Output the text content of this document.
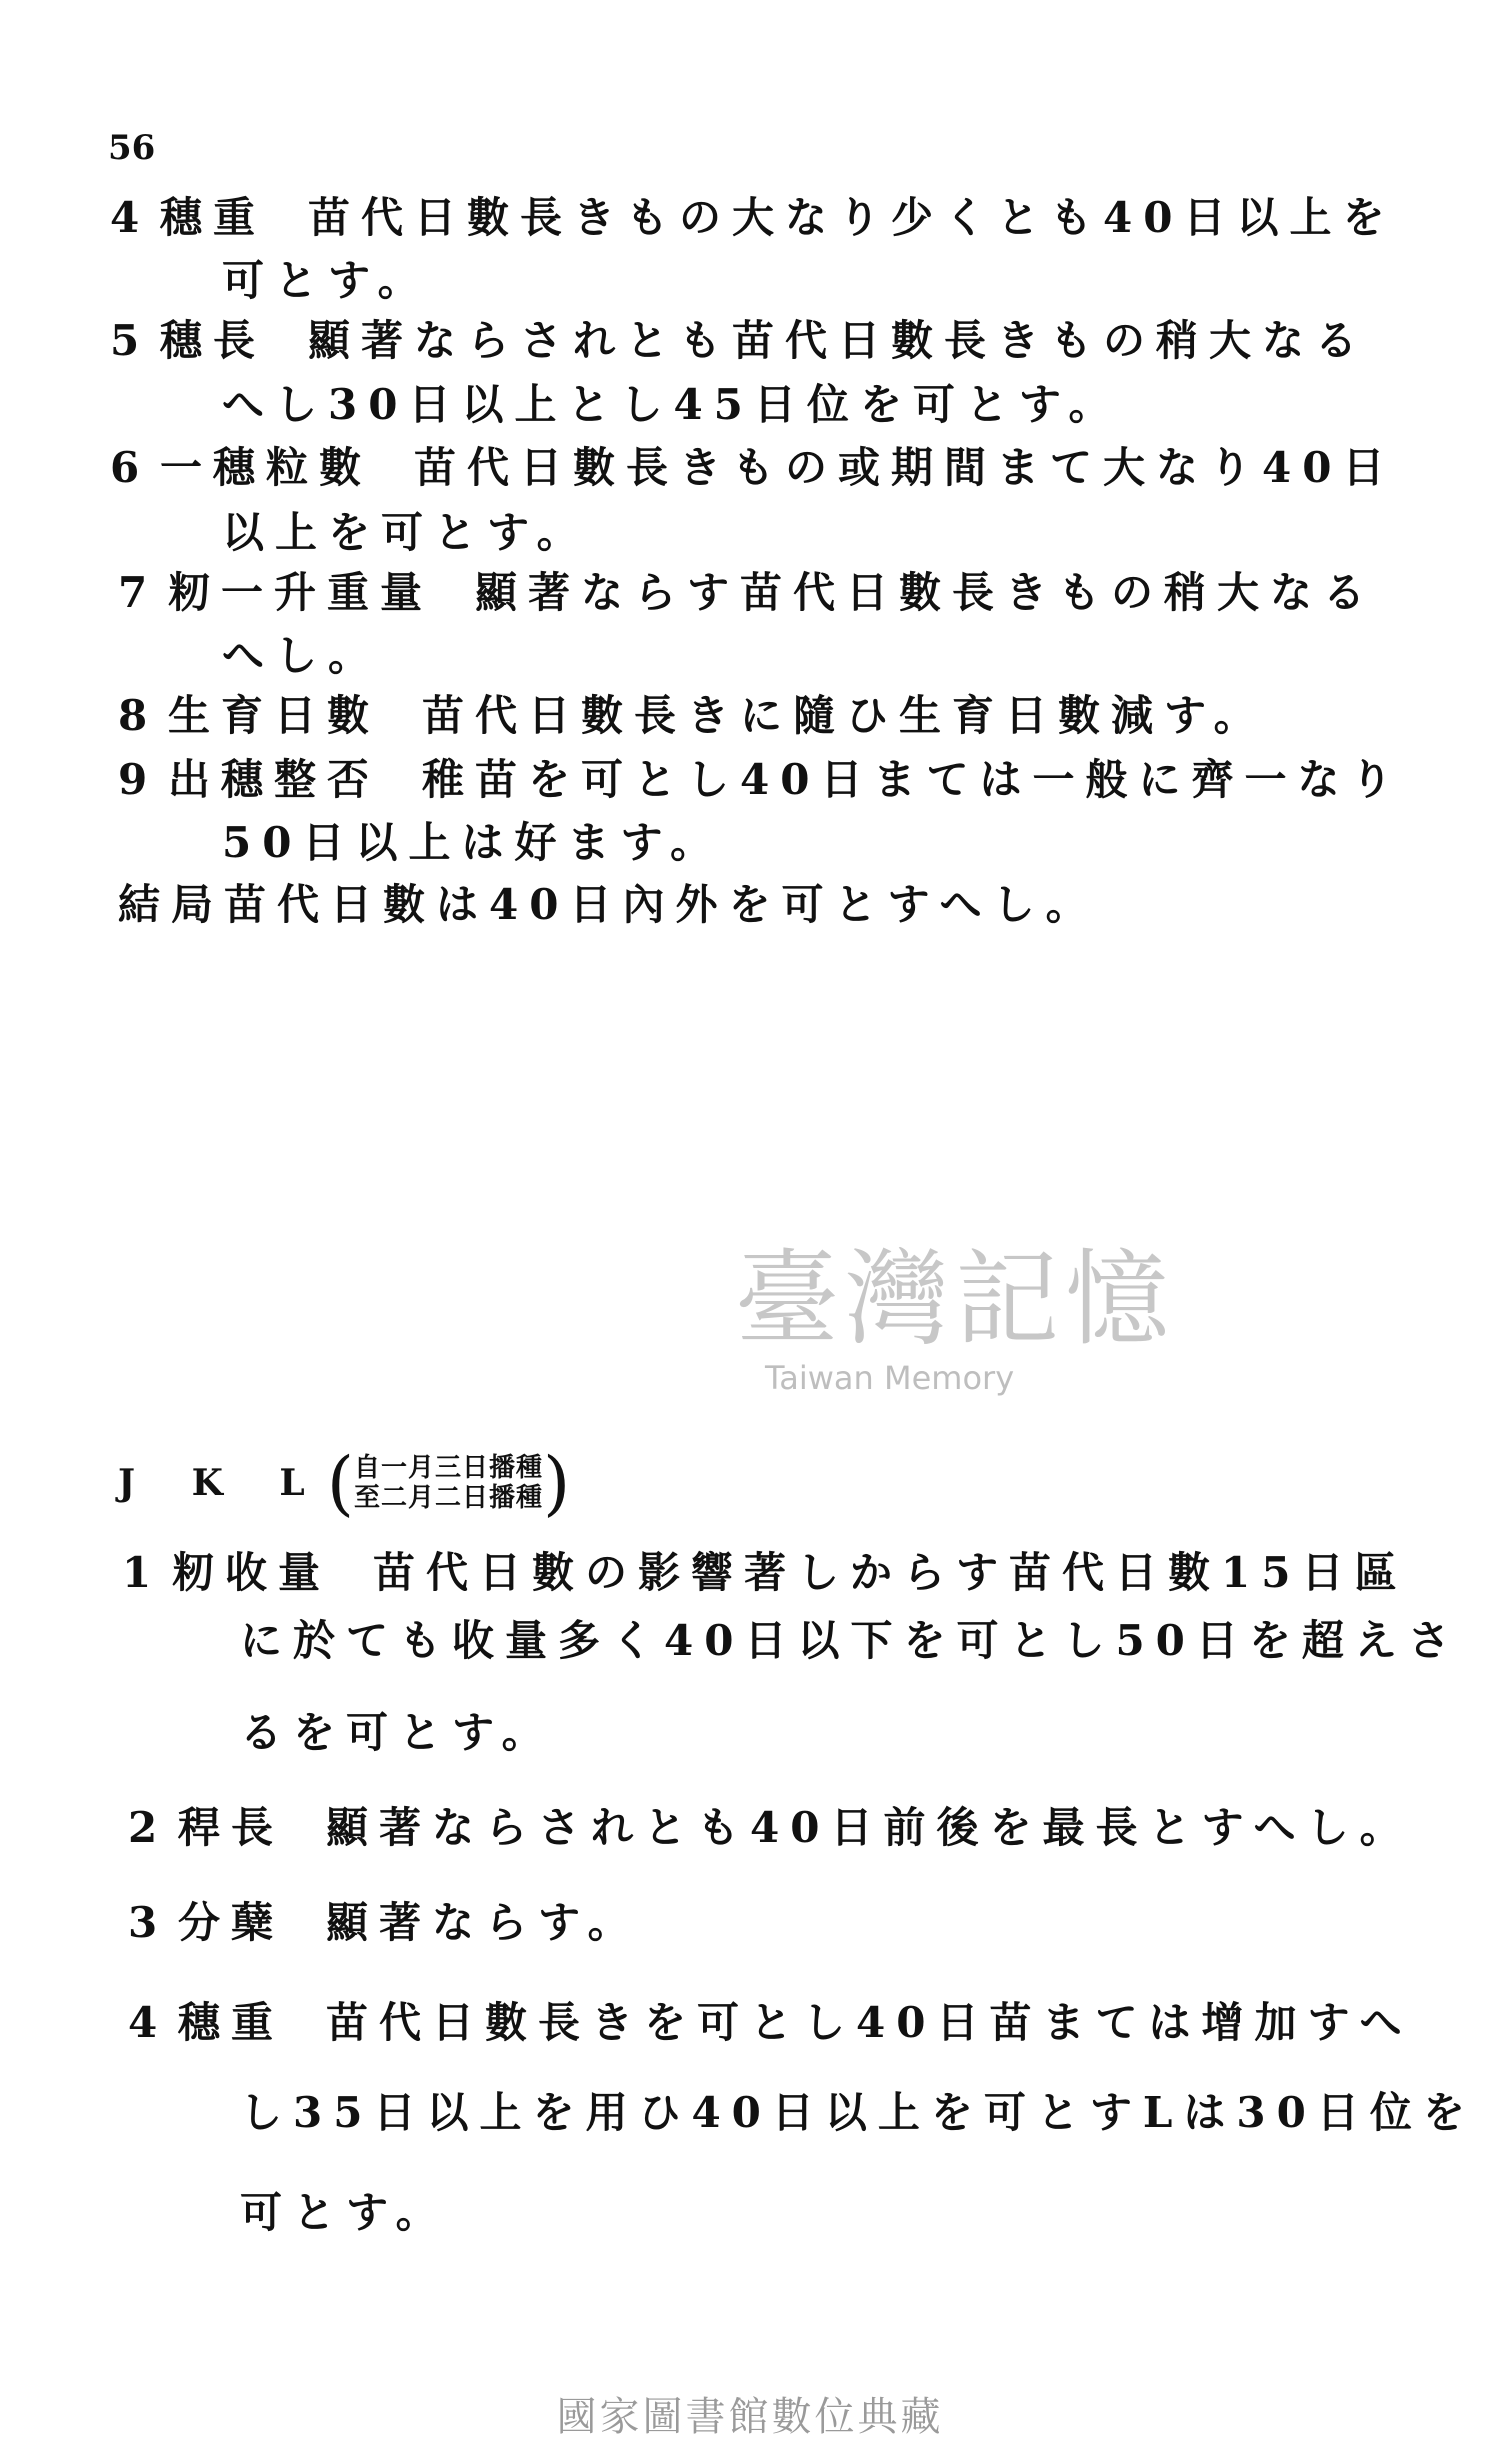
56
4 穗重 苗代日數長きもの大なり少くとも40日以上を
可とす。
5 穗長 顯著ならされとも苗代日數長きもの稍大なる
へし30日以上とし45日位を可とす。
6 一穗粒數 苗代日數長きもの或期間まて大なり40日
以上を可とす。
7 籾一升重量 顯著ならす苗代日數長きもの稍大なる
へし。
8 生育日數 苗代日數長きに隨ひ生育日數減す。
9 出穗整否 稚苗を可とし40日まては一般に齊一なり
50日以上は好ます。
結局苗代日數は40日內外を可とすへし。
J K L ( 自一月三日播種
至二月二日播種 )
1 籾收量 苗代日數の影響著しからす苗代日數15日區
に於ても收量多く40日以下を可とし50日を超えさ
るを可とす。
2 稈長 顯著ならされとも40日前後を最長とすへし。
3 分蘖 顯著ならす。
4 穗重 苗代日數長きを可とし40日苗まては增加すへ
し35日以上を用ひ40日以上を可とすLは30日位を
可とす。
臺灣記憶
Taiwan Memory
國家圖書館數位典藏
